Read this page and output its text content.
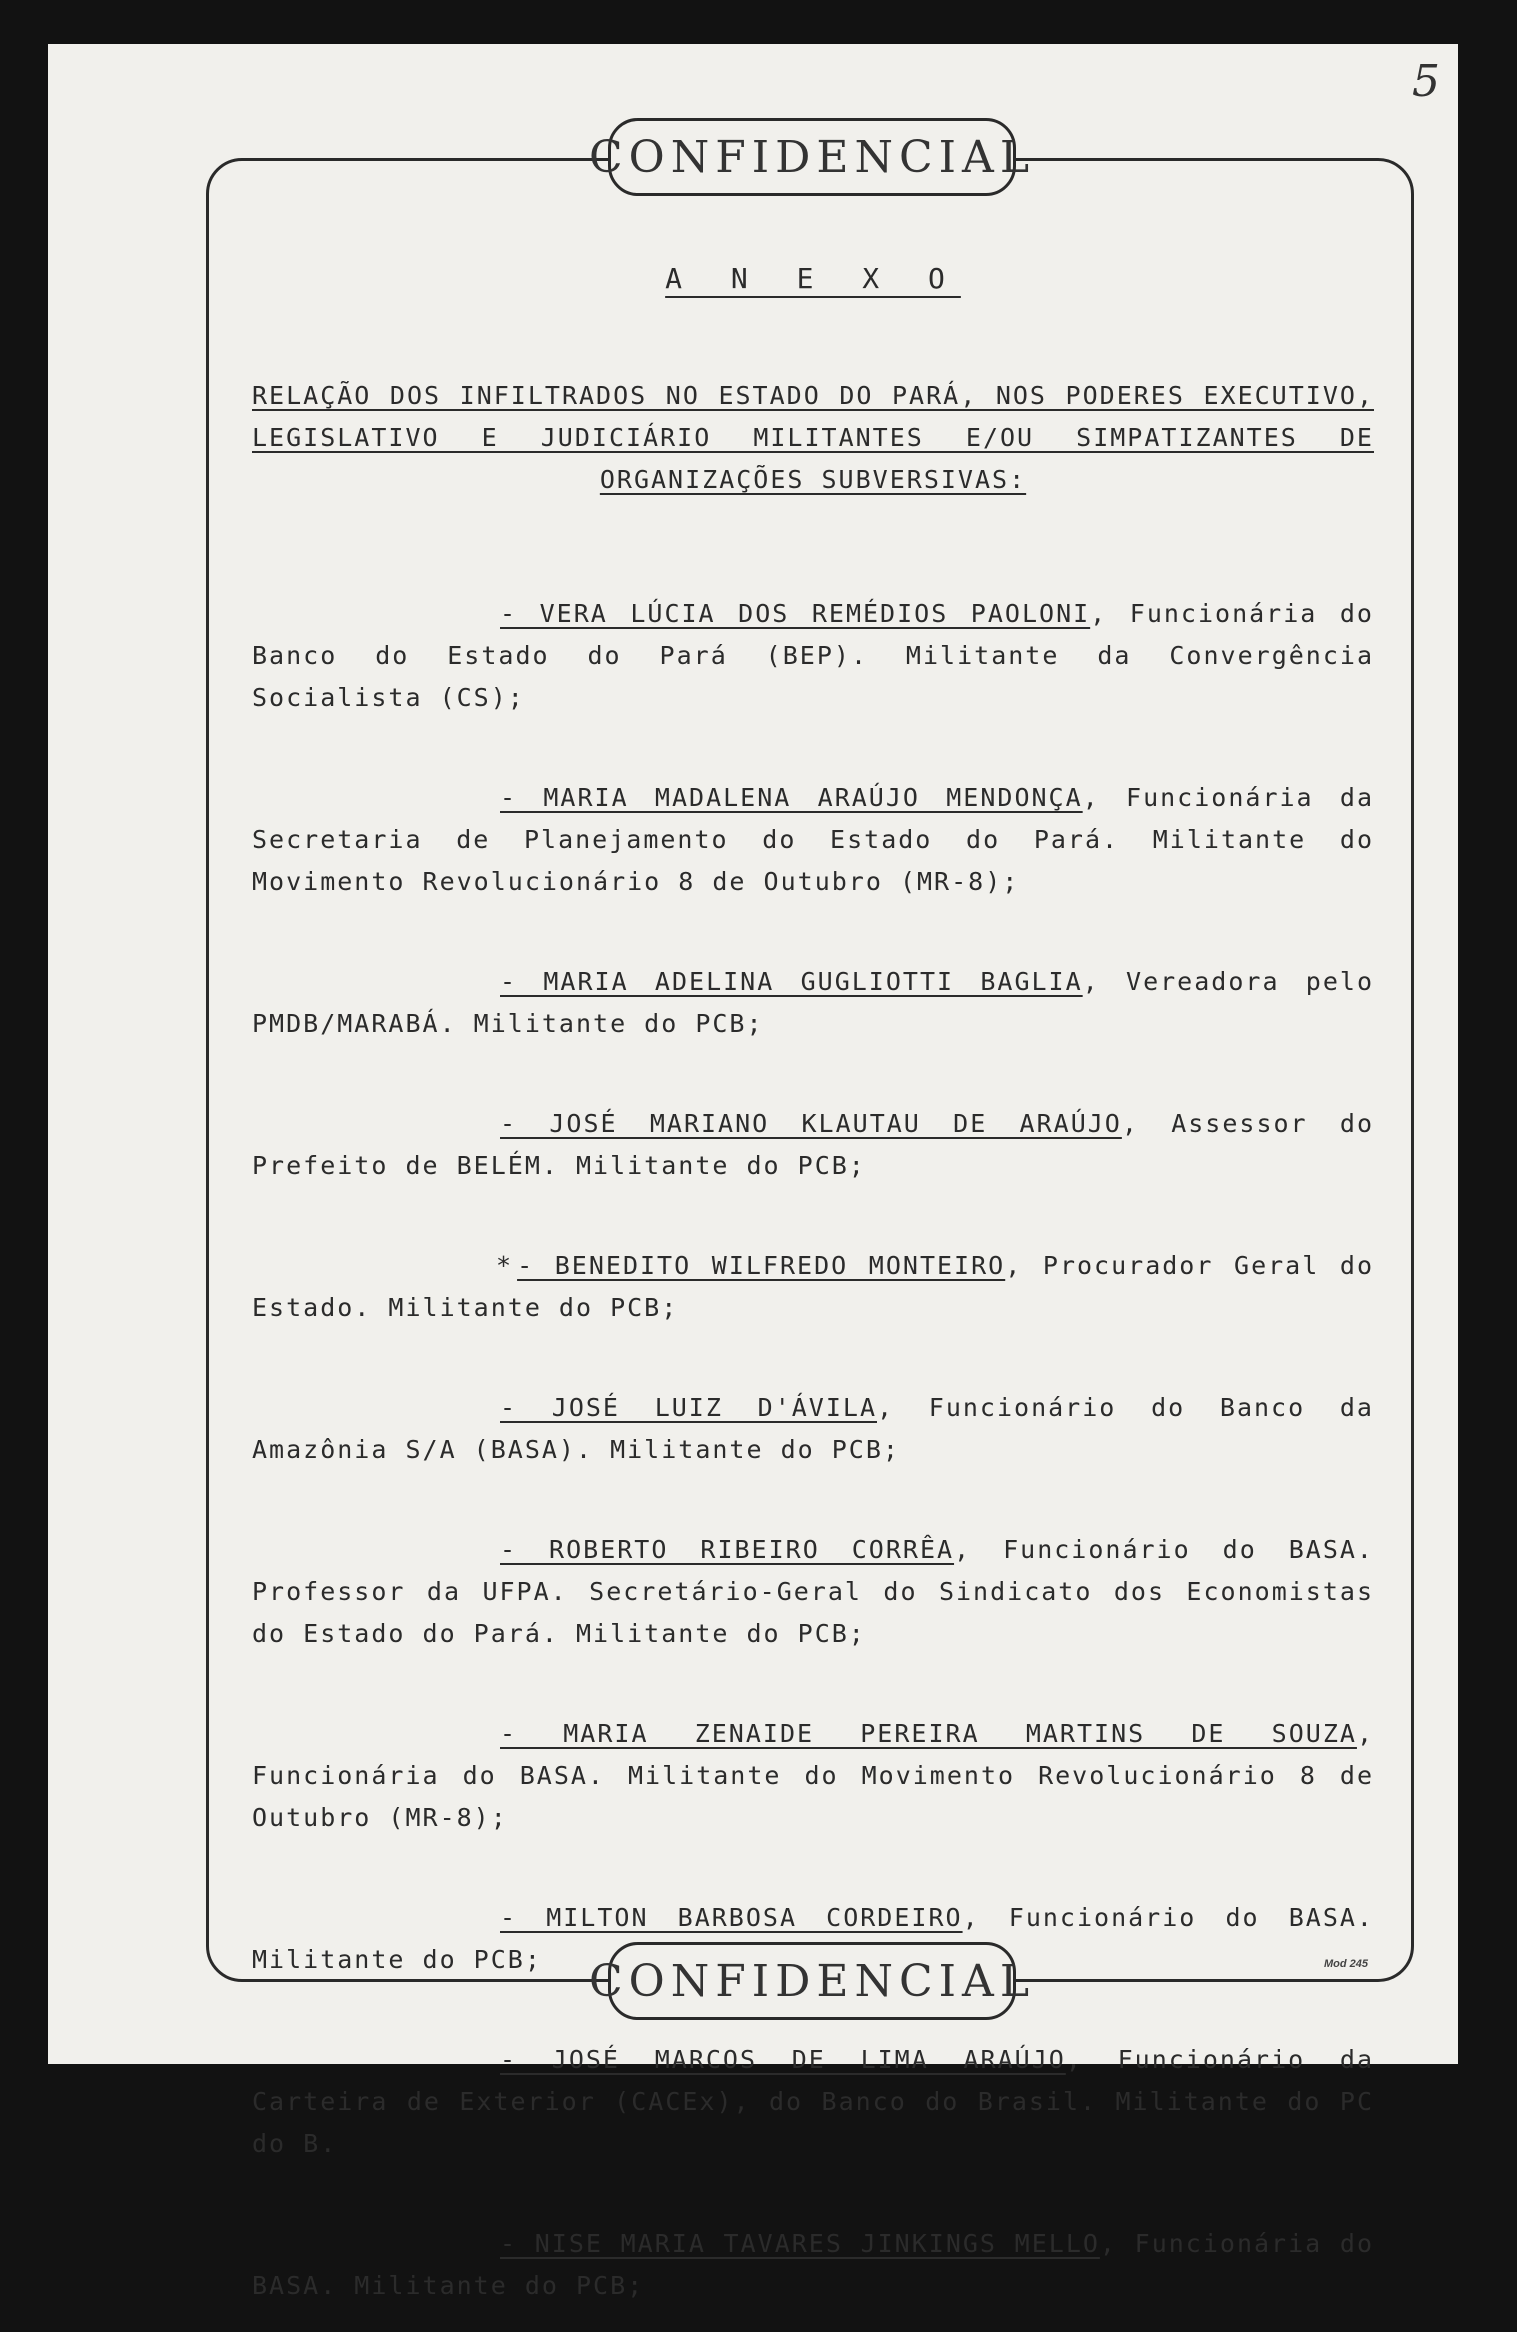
5
CONFIDENCIAL
CONFIDENCIAL	Mod 245
A N E X O
RELAÇÃO DOS INFILTRADOS NO ESTADO DO PARÁ, NOS PODERES EXECUTIVO, LEGISLATIVO E JUDICIÁRIO MILITANTES E/OU SIMPATIZANTES DE ORGANIZAÇÕES SUBVERSIVAS:

- VERA LÚCIA DOS REMÉDIOS PAOLONI, Funcionária do Banco do Estado do Pará (BEP). Militante da Convergência Socialista (CS);

- MARIA MADALENA ARAÚJO MENDONÇA, Funcionária da Secretaria de Planejamento do Estado do Pará. Militante do Movimento Revolucionário 8 de Outubro (MR-8);

- MARIA ADELINA GUGLIOTTI BAGLIA, Vereadora pelo PMDB/MARABÁ. Militante do PCB;

- JOSÉ MARIANO KLAUTAU DE ARAÚJO, Assessor do Prefeito de BELÉM. Militante do PCB;

* - BENEDITO WILFREDO MONTEIRO, Procurador Geral do Estado. Militante do PCB;

- JOSÉ LUIZ D'ÁVILA, Funcionário do Banco da Amazônia S/A (BASA). Militante do PCB;

- ROBERTO RIBEIRO CORRÊA, Funcionário do BASA. Professor da UFPA. Secretário-Geral do Sindicato dos Economistas do Estado do Pará. Militante do PCB;

- MARIA ZENAIDE PEREIRA MARTINS DE SOUZA, Funcionária do BASA. Militante do Movimento Revolucionário 8 de Outubro (MR-8);

- MILTON BARBOSA CORDEIRO, Funcionário do BASA. Militante do PCB;

- JOSÉ MARCOS DE LIMA ARAÚJO, Funcionário da Carteira de Exterior (CACEx), do Banco do Brasil. Militante do PC do B.

- NISE MARIA TAVARES JINKINGS MELLO, Funcionária do BASA. Militante do PCB;
